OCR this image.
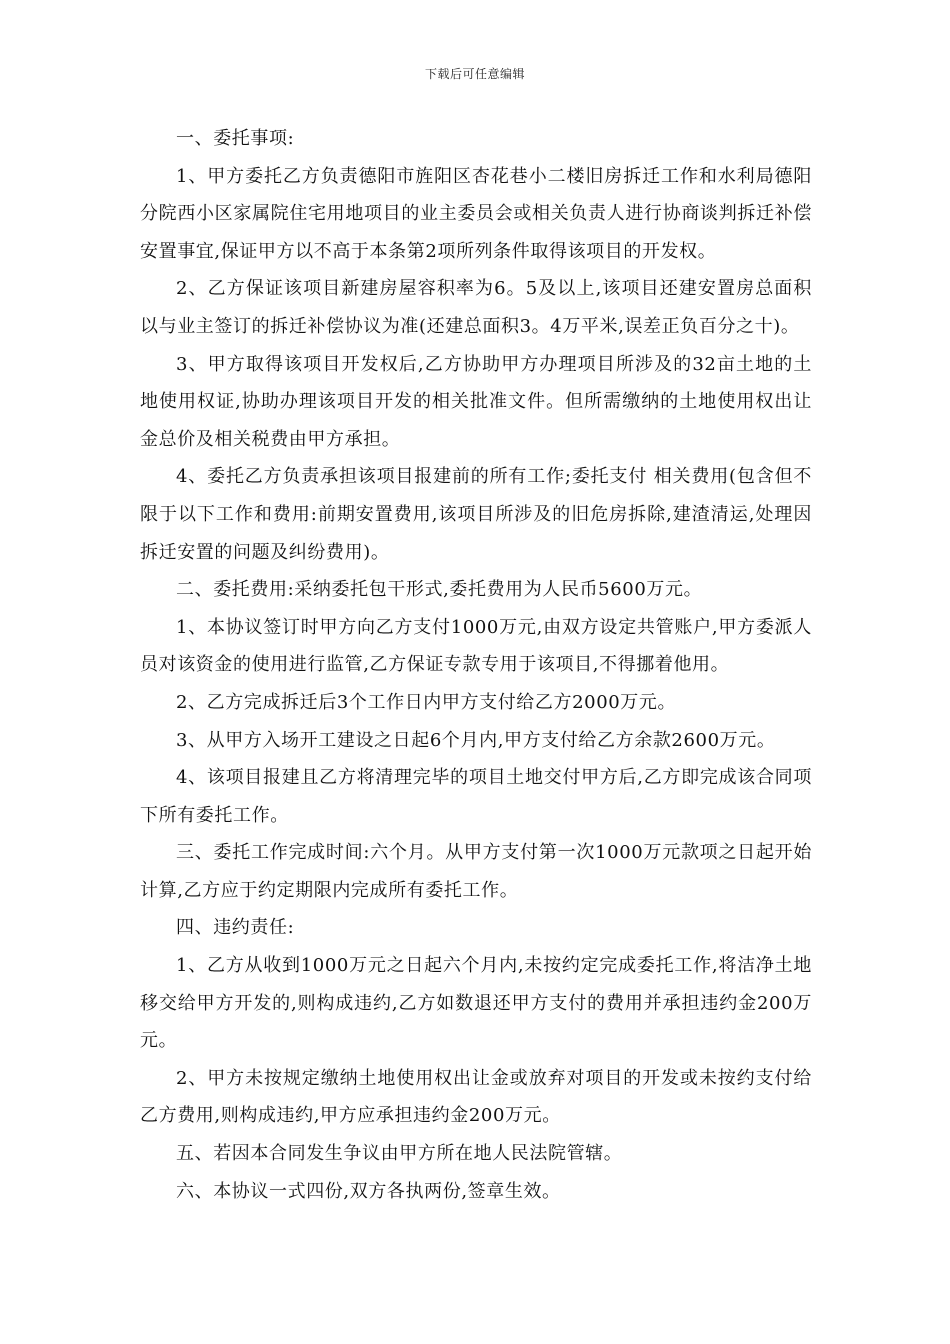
下载后可任意编辑

一、委托事项:

1、甲方委托乙方负责德阳市旌阳区杏花巷小二楼旧房拆迁工作和水利局德阳分院西小区家属院住宅用地项目的业主委员会或相关负责人进行协商谈判拆迁补偿安置事宜,保证甲方以不高于本条第2项所列条件取得该项目的开发权。

2、乙方保证该项目新建房屋容积率为6。5及以上,该项目还建安置房总面积以与业主签订的拆迁补偿协议为准(还建总面积3。4万平米,误差正负百分之十)。

3、甲方取得该项目开发权后,乙方协助甲方办理项目所涉及的32亩土地的土地使用权证,协助办理该项目开发的相关批准文件。但所需缴纳的土地使用权出让金总价及相关税费由甲方承担。

4、委托乙方负责承担该项目报建前的所有工作;委托支付 相关费用(包含但不限于以下工作和费用:前期安置费用,该项目所涉及的旧危房拆除,建渣清运,处理因拆迁安置的问题及纠纷费用)。

二、委托费用:采纳委托包干形式,委托费用为人民币5600万元。

1、本协议签订时甲方向乙方支付1000万元,由双方设定共管账户,甲方委派人员对该资金的使用进行监管,乙方保证专款专用于该项目,不得挪着他用。

2、乙方完成拆迁后3个工作日内甲方支付给乙方2000万元。

3、从甲方入场开工建设之日起6个月内,甲方支付给乙方余款2600万元。

4、该项目报建且乙方将清理完毕的项目土地交付甲方后,乙方即完成该合同项下所有委托工作。

三、委托工作完成时间:六个月。从甲方支付第一次1000万元款项之日起开始计算,乙方应于约定期限内完成所有委托工作。

四、违约责任:

1、乙方从收到1000万元之日起六个月内,未按约定完成委托工作,将洁净土地移交给甲方开发的,则构成违约,乙方如数退还甲方支付的费用并承担违约金200万元。

2、甲方未按规定缴纳土地使用权出让金或放弃对项目的开发或未按约支付给乙方费用,则构成违约,甲方应承担违约金200万元。

五、若因本合同发生争议由甲方所在地人民法院管辖。

六、本协议一式四份,双方各执两份,签章生效。
